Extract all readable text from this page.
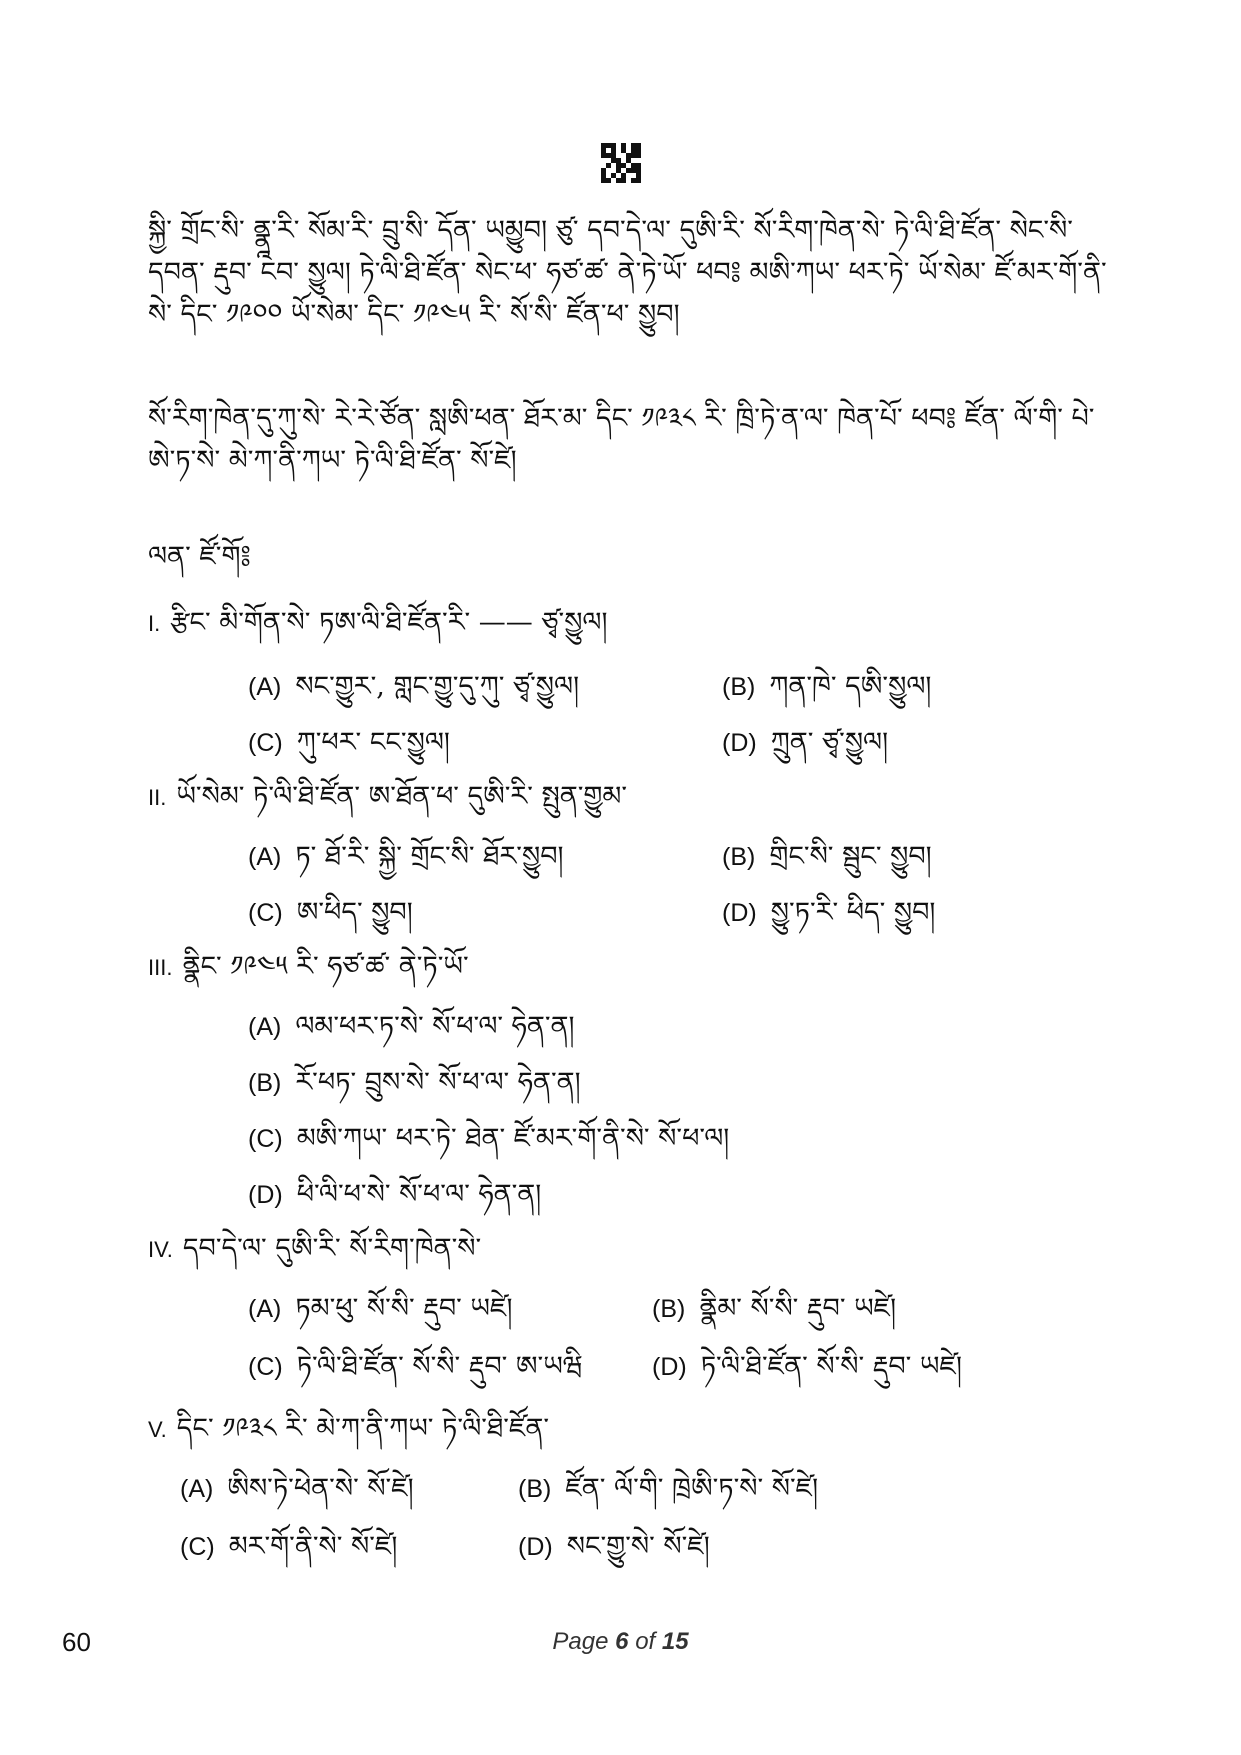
སྐྱི་ གྲོང་སི་ ནྣྰ་རི་ སོམ་རི་ བྲུ་སི་ དོན་ ཡམྱུབ། ཙུ་ དབ་དེ་ལ་ དུཨི་རི་ སོ་རིག་ཁེན་སེ་ ཏེ་ལི་ཐི་ཛོན་ སེང་སི་ དབན་ རྡུབ་ ངབ་ སྱུལ། ཏེ་ལི་ཐི་ཛོན་ སེང་ཕ་ ཧཙ་ཚ་ ནེ་ཏེ་ཡོ་ ཕབ༔ མཨི་ཀཡ་ ཕར་ཏེ་ ཡོ་སེམ་ ཛོ་མར་གོ་ནི་སེ་ དིང་ ༡༩༠༠ ཡོ་སེམ་ དིང་ ༡༩༤༥ རི་ སོ་སི་ ཛོན་ཕ་ སྱུབ།
སོ་རིག་ཁེན་དུ་ཀུ་སེ་ རེ་རེ་ཙོན་ སླཨི་ཕན་ ཐོར་མ་ དིང་ ༡༩༣༨ རི་ ཁྲི་ཏེ་ན་ལ་ ཁེན་པོ་ ཕབ༔ ཛོན་ ལོ་གི་ པེ་ཨེ་ཏ་སེ་ མེ་ཀ་ནི་ཀཡ་ ཏེ་ལི་ཐི་ཛོན་ སོ་ཛེ།
ལན་ ཛོ་གོ༔
I. རྩིང་ མི་གོན་སེ་ ཏཨ་ལི་ཐི་ཛོན་རི་ —— ཙྭ་སྱུལ།
(A) སང་གྱུར་, གླང་གྱུ་དུ་ཀུ་ ཙྭ་སྱུལ།	(B) ཀན་ཁེ་ དཨི་སྱུལ།
(C) ཀུ་ཕར་ ངང་སྱུལ།	(D) ཀྲུན་ ཙྭ་སྱུལ།
II. ཡོ་སེམ་ ཏེ་ལི་ཐི་ཛོན་ ཨ་ཐོན་ཕ་ དུཨི་རི་ སྤུན་གྱུམ་
(A) ཏ་ ཐོ་རི་ སྐྱི་ གྲོང་སི་ ཐོར་སྱུབ།	(B) གྲིང་སི་ སྦུང་ སྱུབ།
(C) ཨ་ཕིད་ སྱུབ།	(D) སྱུ་ཏ་རི་ ཕིད་ སྱུབ།
III. ནྣིང་ ༡༩༤༥ རི་ ཧཙ་ཚ་ ནེ་ཏེ་ཡོ་
(A) ལམ་ཕར་ཏ་སེ་ སོ་ཕ་ལ་ ཧེན་ན།
(B) རོ་ཕཏ་ བྲུས་སེ་ སོ་ཕ་ལ་ ཧེན་ན།
(C) མཨི་ཀཡ་ ཕར་ཏེ་ ཐེན་ ཛོ་མར་གོ་ནི་སེ་ སོ་ཕ་ལ།
(D) ཕི་ལི་ཕ་སེ་ སོ་ཕ་ལ་ ཧེན་ན།
IV. དབ་དེ་ལ་ དུཨི་རི་ སོ་རིག་ཁེན་སེ་
(A) ཏམ་ཕུ་ སོ་སི་ རྡུབ་ ཡཛེ།	(B) ནྣིམ་ སོ་སི་ རྡུབ་ ཡཛེ།
(C) ཏེ་ལི་ཐི་ཛོན་ སོ་སི་ རྡུབ་ ཨ་ཡཝི	(D) ཏེ་ལི་ཐི་ཛོན་ སོ་སི་ རྡུབ་ ཡཛེ།
V. དིང་ ༡༩༣༨ རི་ མེ་ཀ་ནི་ཀཡ་ ཏེ་ལི་ཐི་ཛོན་
(A) ཨིས་ཏེ་ཕེན་སེ་ སོ་ཛེ།	(B) ཛོན་ ལོ་གི་ ཁྲེཨི་ཏ་སེ་ སོ་ཛེ།
(C) མར་གོ་ནི་སེ་ སོ་ཛེ།	(D) སང་གྱུ་སེ་ སོ་ཛེ།
60	Page 6 of 15
